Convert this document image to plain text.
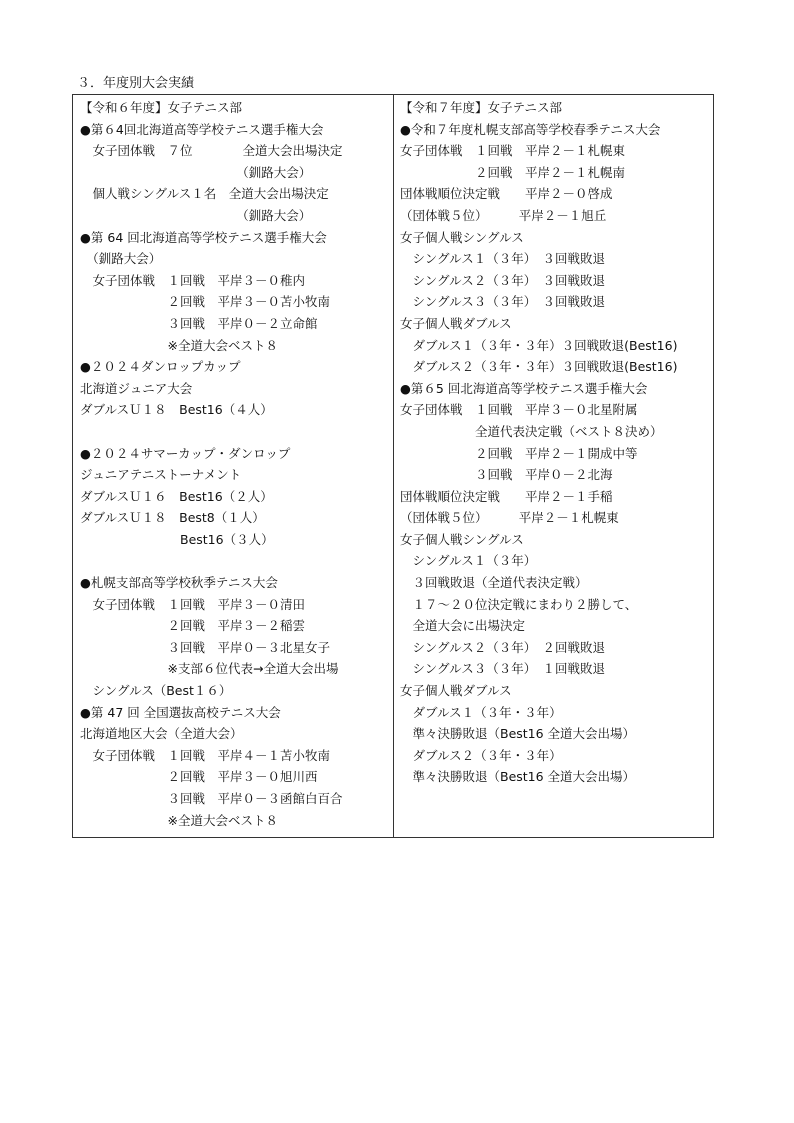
３．年度別大会実績
【令和６年度】女子テニス部
●第６4回北海道高等学校テニス選手権大会
　女子団体戦　７位　　　　全道大会出場決定
　　　　　　　　　　　　　（釧路大会）
　個人戦シングルス１名　全道大会出場決定
　　　　　　　　　　　　　（釧路大会）
●第 64 回北海道高等学校テニス選手権大会
　（釧路大会）
　女子団体戦　１回戦　平岸３－０稚内
　　　　　　　２回戦　平岸３－０苫小牧南
　　　　　　　３回戦　平岸０－２立命館
　　　　　　　※全道大会ベスト８
●２０２４ダンロップカップ
北海道ジュニア大会
ダブルスＵ１８　Best16（４人）
●２０２４サマーカップ・ダンロップ
ジュニアテニストーナメント
ダブルスＵ１６　Best16（２人）
ダブルスＵ１８　Best8（１人）
　　　　　　　　Best16（３人）
●札幌支部高等学校秋季テニス大会
　女子団体戦　１回戦　平岸３－０清田
　　　　　　　２回戦　平岸３－２稲雲
　　　　　　　３回戦　平岸０－３北星女子
　　　　　　　※支部６位代表→全道大会出場
　シングルス（Best１６）
●第 47 回 全国選抜高校テニス大会
北海道地区大会（全道大会）
　女子団体戦　１回戦　平岸４－１苫小牧南
　　　　　　　２回戦　平岸３－０旭川西
　　　　　　　３回戦　平岸０－３函館白百合
　　　　　　　※全道大会ベスト８
【令和７年度】女子テニス部
●令和７年度札幌支部高等学校春季テニス大会
女子団体戦　１回戦　平岸２－１札幌東
　　　　　　２回戦　平岸２－１札幌南
団体戦順位決定戦　　平岸２－０啓成
（団体戦５位）　　　平岸２－１旭丘
女子個人戦シングルス
　シングルス１（３年）　３回戦敗退
　シングルス２（３年）　３回戦敗退
　シングルス３（３年）　３回戦敗退
女子個人戦ダブルス
　ダブルス１（３年・３年）３回戦敗退(Best16)
　ダブルス２（３年・３年）３回戦敗退(Best16)
●第６5 回北海道高等学校テニス選手権大会
女子団体戦　１回戦　平岸３－０北星附属
　　　　　　全道代表決定戦（ベスト８決め）
　　　　　　２回戦　平岸２－１開成中等
　　　　　　３回戦　平岸０－２北海
団体戦順位決定戦　　平岸２－１手稲
（団体戦５位）　　　平岸２－１札幌東
女子個人戦シングルス
　シングルス１（３年）
　３回戦敗退（全道代表決定戦）
　１７～２０位決定戦にまわり２勝して、
　全道大会に出場決定
　シングルス２（３年）　２回戦敗退
　シングルス３（３年）　１回戦敗退
女子個人戦ダブルス
　ダブルス１（３年・３年）
　準々決勝敗退（Best16 全道大会出場）
　ダブルス２（３年・３年）
　準々決勝敗退（Best16 全道大会出場）
